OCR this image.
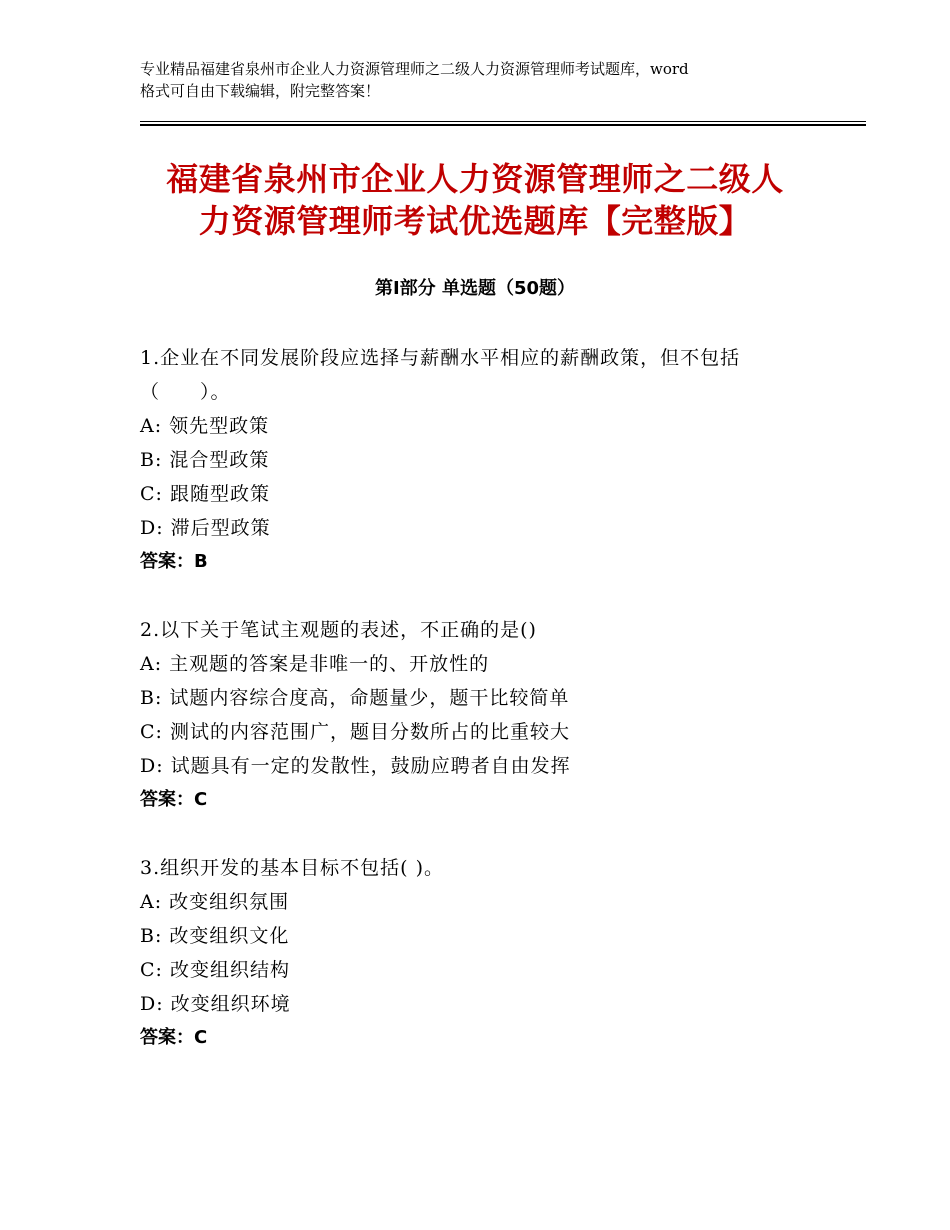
专业精品福建省泉州市企业人力资源管理师之二级人力资源管理师考试题库，word
格式可自由下载编辑，附完整答案！
福建省泉州市企业人力资源管理师之二级人
力资源管理师考试优选题库【完整版】
第Ⅰ部分 单选题（50题）
1.企业在不同发展阶段应选择与薪酬水平相应的薪酬政策，但不包括
（　　）。
A: 领先型政策
B: 混合型政策
C: 跟随型政策
D: 滞后型政策
答案：B
2.以下关于笔试主观题的表述，不正确的是()
A: 主观题的答案是非唯一的、开放性的
B: 试题内容综合度高，命题量少，题干比较简单
C: 测试的内容范围广，题目分数所占的比重较大
D: 试题具有一定的发散性，鼓励应聘者自由发挥
答案：C
3.组织开发的基本目标不包括( )。
A: 改变组织氛围
B: 改变组织文化
C: 改变组织结构
D: 改变组织环境
答案：C
